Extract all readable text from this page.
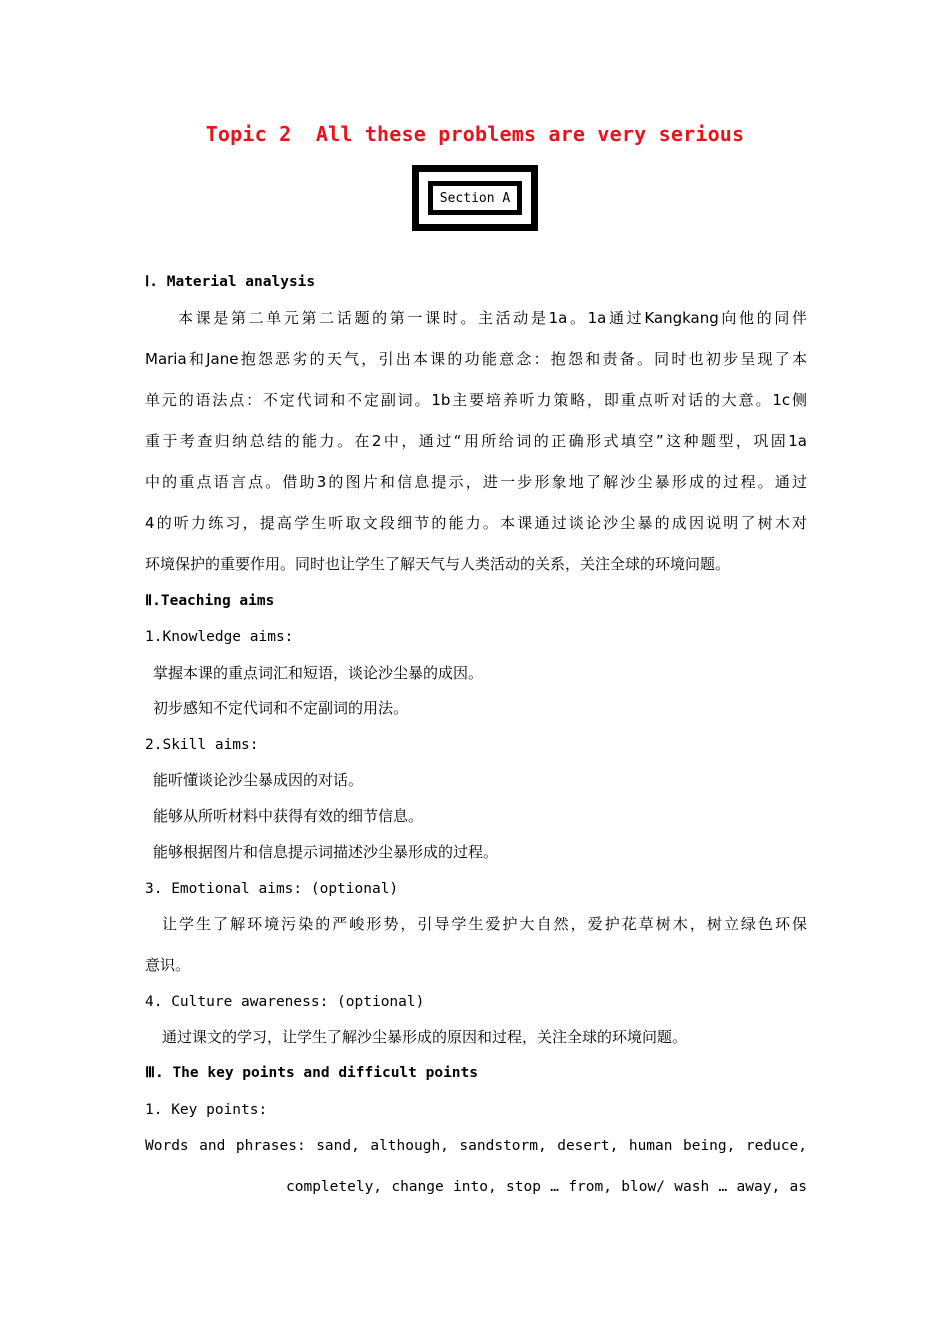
Topic 2  All these problems are very serious
Section A
Ⅰ. Material analysis
本课是第二单元第二话题的第一课时。主活动是1a。1a通过Kangkang向他的同伴
Maria和Jane抱怨恶劣的天气，引出本课的功能意念：抱怨和责备。同时也初步呈现了本
单元的语法点：不定代词和不定副词。1b主要培养听力策略，即重点听对话的大意。1c侧
重于考查归纳总结的能力。在2中，通过“用所给词的正确形式填空”这种题型，巩固1a
中的重点语言点。借助3的图片和信息提示，进一步形象地了解沙尘暴形成的过程。通过
4的听力练习，提高学生听取文段细节的能力。本课通过谈论沙尘暴的成因说明了树木对
环境保护的重要作用。同时也让学生了解天气与人类活动的关系，关注全球的环境问题。
Ⅱ.Teaching aims
1.Knowledge aims:
掌握本课的重点词汇和短语，谈论沙尘暴的成因。
初步感知不定代词和不定副词的用法。
2.Skill aims:
能听懂谈论沙尘暴成因的对话。
能够从所听材料中获得有效的细节信息。
能够根据图片和信息提示词描述沙尘暴形成的过程。
3. Emotional aims: (optional)
让学生了解环境污染的严峻形势，引导学生爱护大自然，爱护花草树木，树立绿色环保
意识。
4. Culture awareness: (optional)
通过课文的学习，让学生了解沙尘暴形成的原因和过程，关注全球的环境问题。
Ⅲ. The key points and difficult points
1. Key points:
Words and phrases: sand, although, sandstorm, desert, human being, reduce,
completely, change into, stop … from, blow/ wash … away, as
